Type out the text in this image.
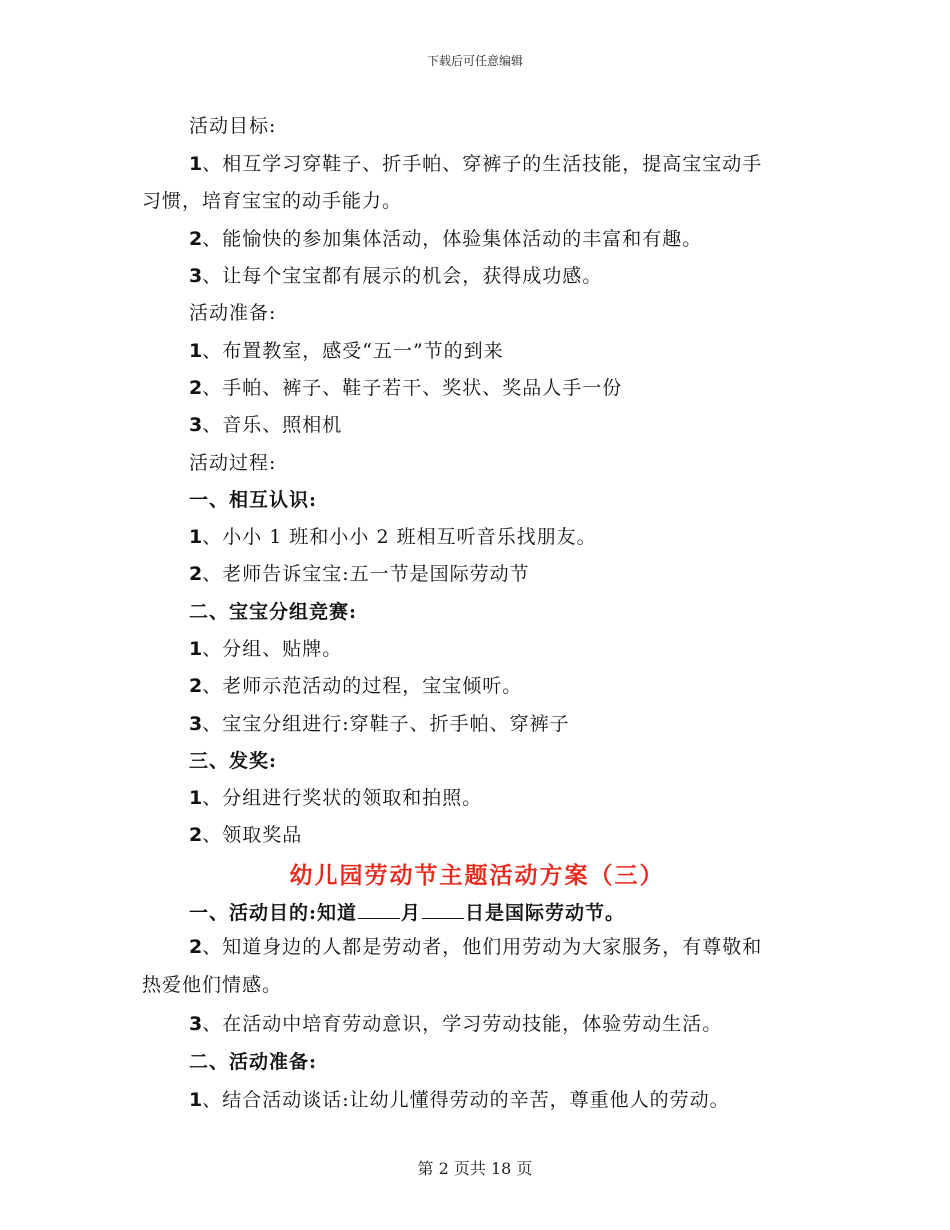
下载后可任意编辑
活动目标:
1、相互学习穿鞋子、折手帕、穿裤子的生活技能，提高宝宝动手
习惯，培育宝宝的动手能力。
2、能愉快的参加集体活动，体验集体活动的丰富和有趣。
3、让每个宝宝都有展示的机会，获得成功感。
活动准备:
1、布置教室，感受“五一”节的到来
2、手帕、裤子、鞋子若干、奖状、奖品人手一份
3、音乐、照相机
活动过程:
一、相互认识:
1、小小 1 班和小小 2 班相互听音乐找朋友。
2、老师告诉宝宝:五一节是国际劳动节
二、宝宝分组竞赛:
1、分组、贴牌。
2、老师示范活动的过程，宝宝倾听。
3、宝宝分组进行:穿鞋子、折手帕、穿裤子
三、发奖:
1、分组进行奖状的领取和拍照。
2、领取奖品
幼儿园劳动节主题活动方案（三）
一、活动目的:知道 月 日是国际劳动节。
2、知道身边的人都是劳动者，他们用劳动为大家服务，有尊敬和
热爱他们情感。
3、在活动中培育劳动意识，学习劳动技能，体验劳动生活。
二、活动准备:
1、结合活动谈话:让幼儿懂得劳动的辛苦，尊重他人的劳动。
第 2 页共 18 页
